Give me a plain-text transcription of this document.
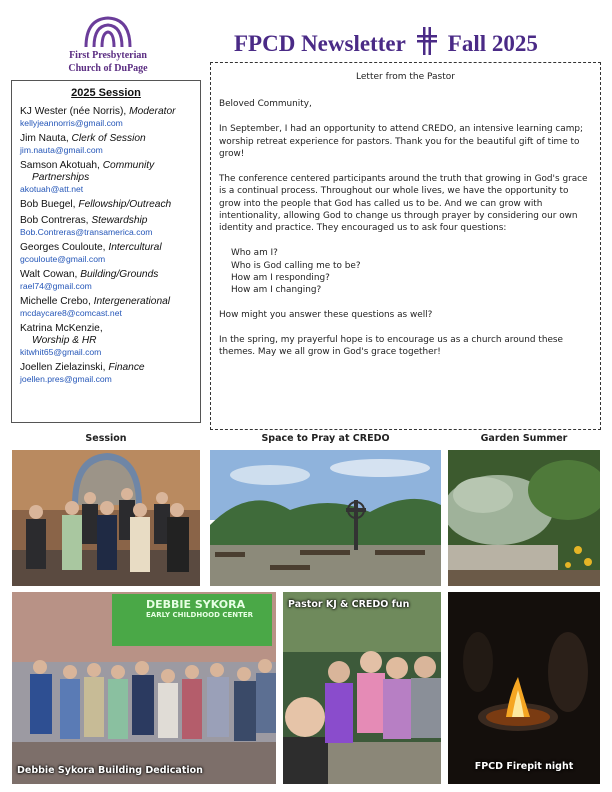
First Presbyterian
Church of DuPage
FPCD Newsletter Fall 2025
2025 Session
KJ Wester (née Norris), Moderator
kellyjeannorris@gmail.com
Jim Nauta, Clerk of Session
jim.nauta@gmail.com
Samson Akotuah, Community
Partnerships
akotuah@att.net
Bob Buegel, Fellowship/Outreach
Bob Contreras, Stewardship
Bob.Contreras@transamerica.com
Georges Couloute, Intercultural
gcouloute@gmail.com
Walt Cowan, Building/Grounds
rael74@gmail.com
Michelle Crebo, Intergenerational
mcdaycare8@comcast.net
Katrina McKenzie,
Worship & HR
kitwhit65@gmail.com
Joellen Zielazinski, Finance
joellen.pres@gmail.com
Letter from the Pastor

Beloved Community,

In September, I had an opportunity to attend CREDO, an intensive learning camp; worship retreat experience for pastors. Thank you for the beautiful gift of time to grow!

The conference centered participants around the truth that growing in God's grace is a continual process. Throughout our whole lives, we have the opportunity to grow into the people that God has called us to be. And we can grow with intentionality, allowing God to change us through prayer by considering our own identity and practice. They encouraged us to ask four questions:

Who am I?
Who is God calling me to be?
How am I responding?
How am I changing?

How might you answer these questions as well?

In the spring, my prayerful hope is to encourage us as a church around these themes. May we all grow in God's grace together!

Session	Space to Pray at CREDO	Garden Summer
DEBBIE SYKORA
EARLY CHILDHOOD CENTER
Debbie Sykora Building Dedication
Pastor KJ & CREDO fun
FPCD Firepit night
